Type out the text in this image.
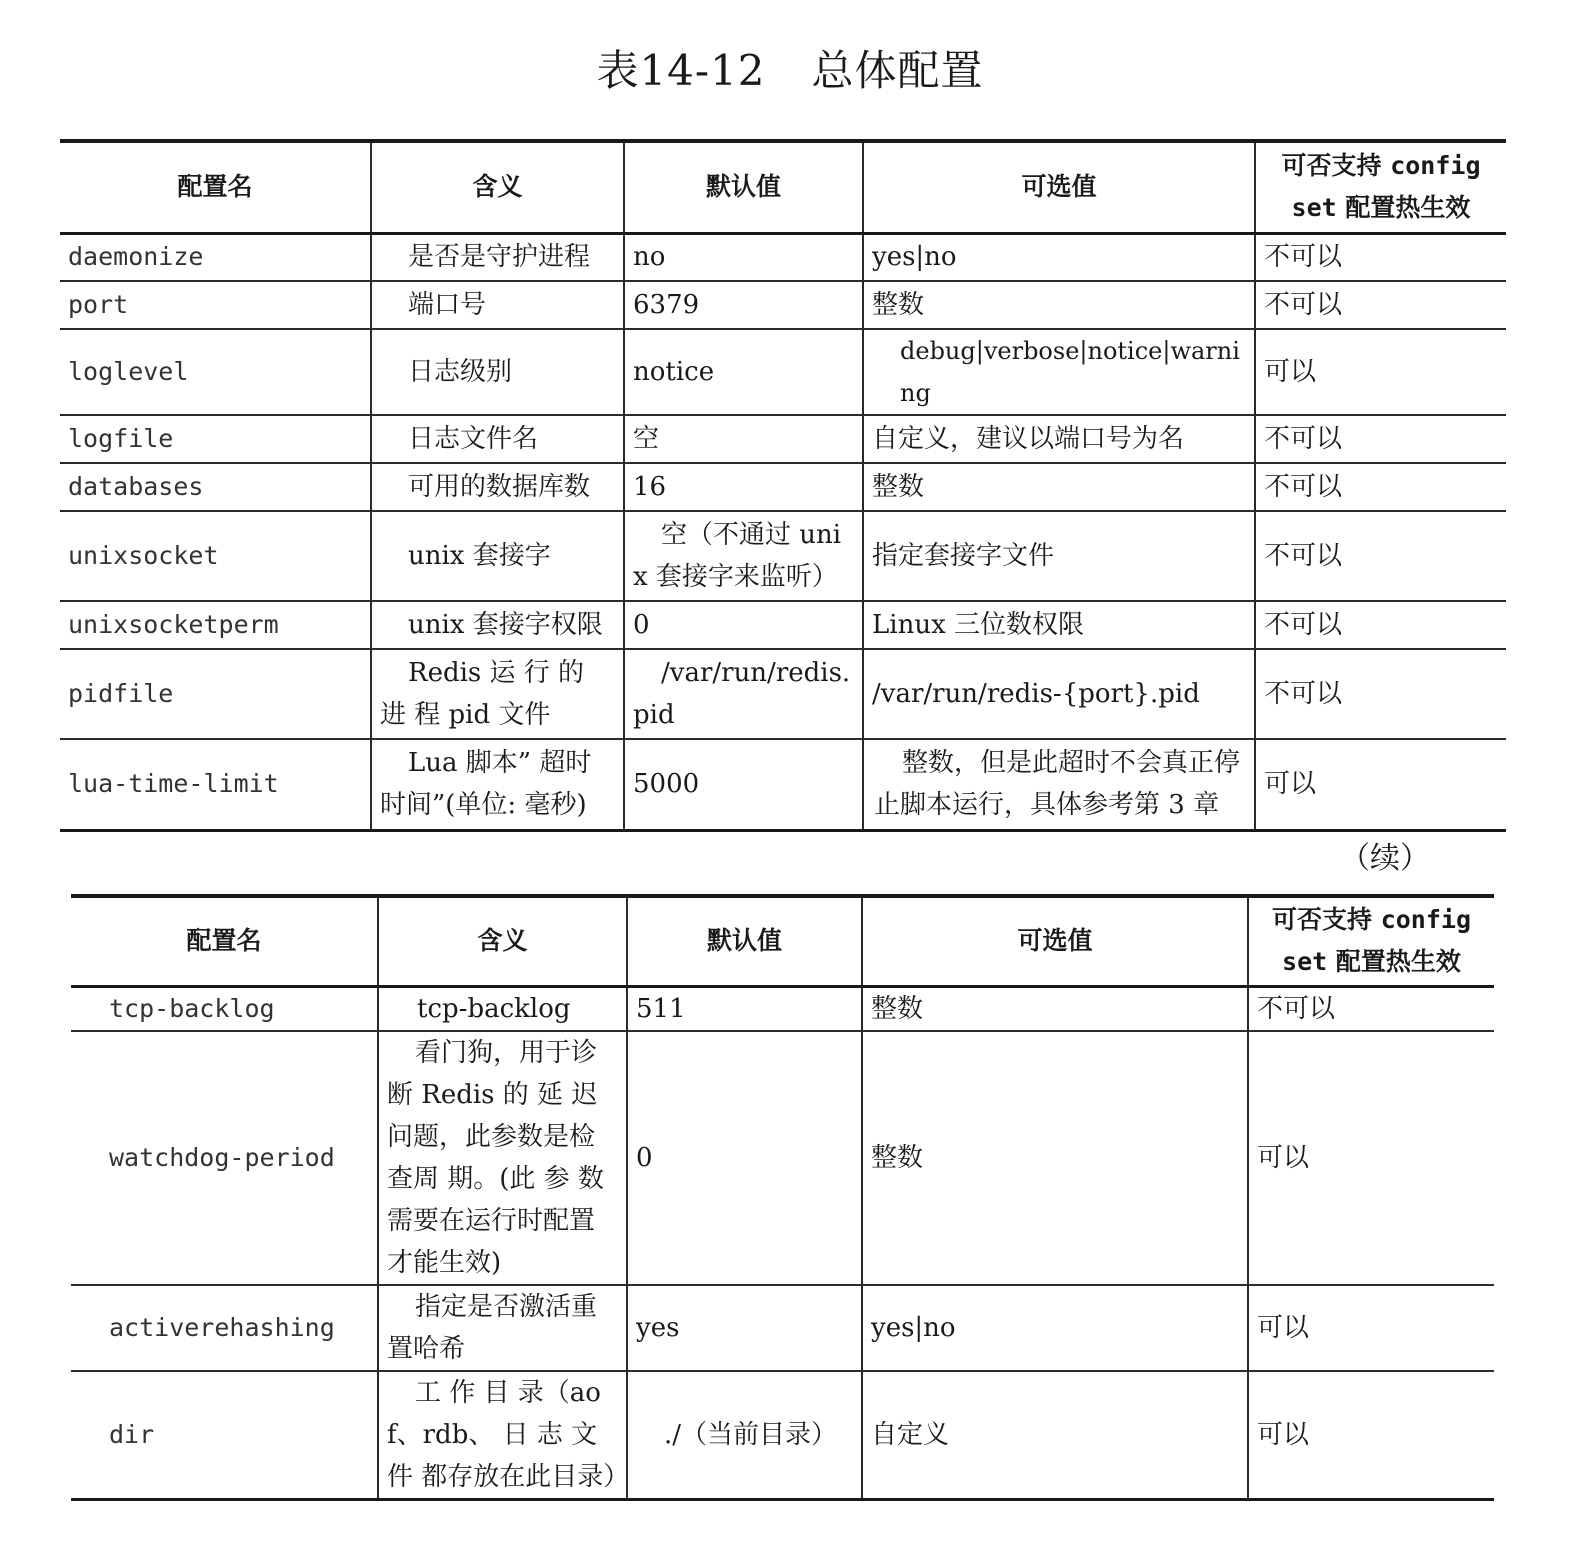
表14-12 总体配置
配置名	含义	默认值	可选值	可否支持 config
set 配置热生效
daemonize	是否是守护进程	no	yes|no	不可以
port	端口号	6379	整数	不可以
loglevel	日志级别	notice	debug|verbose|notice|warning	可以
logfile	日志文件名	空	自定义，建议以端口号为名	不可以
databases	可用的数据库数	16	整数	不可以
unixsocket	unix 套接字	空（不通过 unix 套接字来监听）	指定套接字文件	不可以
unixsocketperm	unix 套接字权限	0	Linux 三位数权限	不可以
pidfile	Redis 运 行 的 进 程 pid 文件	/var/run/redis.pid	/var/run/redis-{port}.pid	不可以
lua-time-limit	Lua 脚本” 超时 时间”(单位: 毫秒)	5000	整数，但是此超时不会真正停止脚本运行，具体参考第 3 章	可以
（续）
配置名	含义	默认值	可选值	可否支持 config
set 配置热生效
tcp-backlog	tcp-backlog	511	整数	不可以
watchdog-period	看门狗，用于诊断 Redis 的 延 迟 问题，此参数是检查周 期。(此 参 数 需要在运行时配置才能生效)	0	整数	可以
activerehashing	指定是否激活重置哈希	yes	yes|no	可以
dir	工 作 目 录（aof、rdb、 日 志 文 件 都存放在此目录）	./（当前目录）	自定义	可以
